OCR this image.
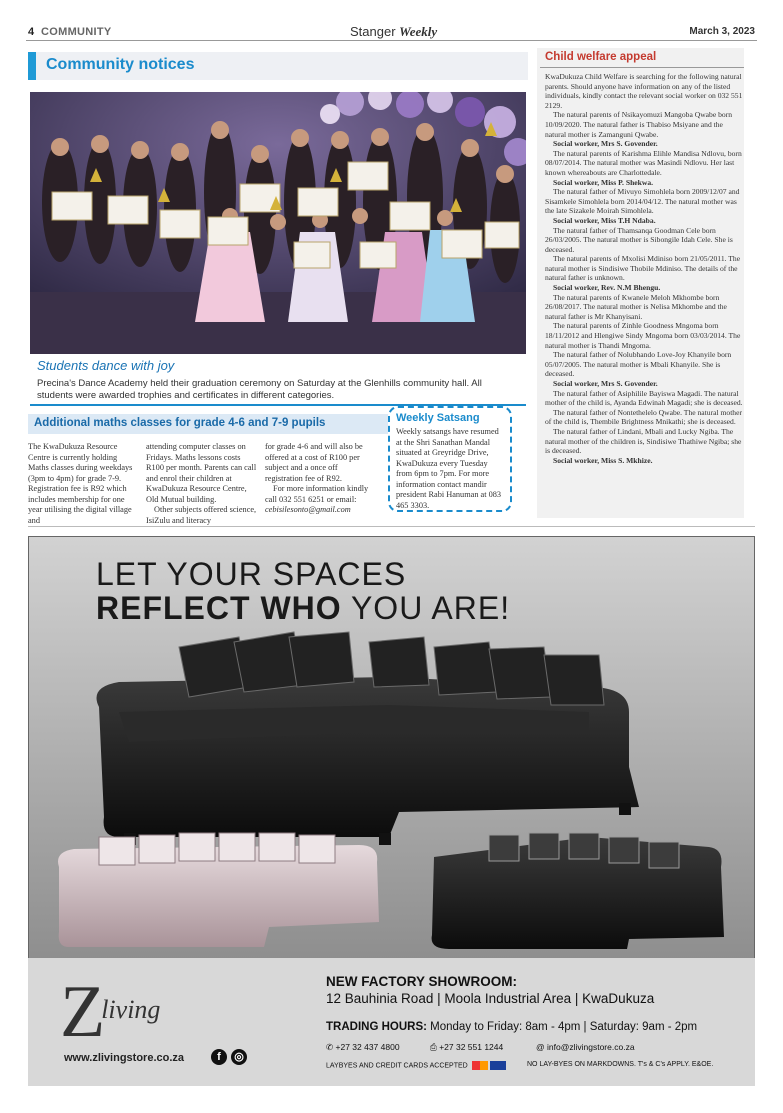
4 COMMUNITY	Stanger Weekly	March 3, 2023
Community notices
Students dance with joy
Precina's Dance Academy held their graduation ceremony on Saturday at the Glenhills community hall. All students were awarded trophies and certificates in different categories.
Additional maths classes for grade 4-6 and 7-9 pupils

The KwaDukuza Resource Centre is currently holding Maths classes during weekdays (3pm to 4pm) for grade 7-9. Registration fee is R92 which includes membership for one year utilising the digital village and

attending computer classes on Fridays. Maths lessons costs R100 per month. Parents can call and enrol their children at KwaDukuza Resource Centre, Old Mutual building.

Other subjects offered science, IsiZulu and literacy

for grade 4-6 and will also be offered at a cost of R100 per subject and a once off registration fee of R92.

For more information kindly call 032 551 6251 or email:

cebisilesonto@gmail.com

Weekly Satsang
Weekly satsangs have resumed at the Shri Sanathan Mandal situated at Greyridge Drive, KwaDukuza every Tuesday from 6pm to 7pm. For more information contact mandir president Rabi Hanuman at 083 465 3303.
Child welfare appeal

KwaDukuza Child Welfare is searching for the following natural parents. Should anyone have information on any of the listed individuals, kindly contact the relevant social worker on 032 551 2129.

The natural parents of Nsikayomuzi Mangoba Qwabe born 10/09/2020. The natural father is Thabiso Msiyane and the natural mother is Zamanguni Qwabe.

Social worker, Mrs S. Govender.

The natural parents of Karishma Elihle Mandisa Ndlovu, born 08/07/2014. The natural mother was Masindi Ndlovu. Her last known whereabouts are Charlottedale.

Social worker, Miss P. Shekwa.

The natural father of Mivuyo Simohlela born 2009/12/07 and Sisamkele Simohlela born 2014/04/12. The natural mother was the late Sizakele Moirah Simohlela.

Social worker, Miss T.H Ndaba.

The natural father of Thamsanqa Goodman Cele born 26/03/2005. The natural mother is Sibongile Idah Cele. She is deceased.

The natural parents of Mxolisi Mdiniso born 21/05/2011. The natural mother is Sindisiwe Thobile Mdiniso. The details of the natural father is unknown.

Social worker, Rev. N.M Bhengu.

The natural parents of Kwanele Meloh Mkhombe born 26/08/2017. The natural mother is Nelisa Mkhombe and the natural father is Mr Khanyisani.

The natural parents of Zinhle Goodness Mngoma born 18/11/2012 and Hlengiwe Sindy Mngoma born 03/03/2014. The natural mother is Thandi Mngoma.

The natural father of Nolubhando Love-Joy Khanyile born 05/07/2005. The natural mother is Mbali Khanyile. She is deceased.

Social worker, Mrs S. Govender.

The natural father of Asiphilile Bayiswa Magadi. The natural mother of the child is, Ayanda Edwinah Magadi; she is deceased.

The natural father of Nontethelelo Qwabe. The natural mother of the child is, Thembile Brightness Mnikathi; she is deceased.

The natural father of Lindani, Mbali and Lucky Ngiba. The natural mother of the children is, Sindisiwe Thathiwe Ngiba; she is deceased.

Social worker, Miss S. Mkhize.

LET YOUR SPACES
REFLECT WHO YOU ARE!
Z living
www.zlivingstore.co.za	f	◎
NEW FACTORY SHOWROOM:
12 Bauhinia Road | Moola Industrial Area | KwaDukuza
TRADING HOURS: Monday to Friday: 8am - 4pm | Saturday: 9am - 2pm
✆ +27 32 437 4800	⎙ +27 32 551 1244	@ info@zlivingstore.co.za
LAYBYES AND CREDIT CARDS ACCEPTED	NO LAY-BYES ON MARKDOWNS. T's & C's APPLY. E&OE.
